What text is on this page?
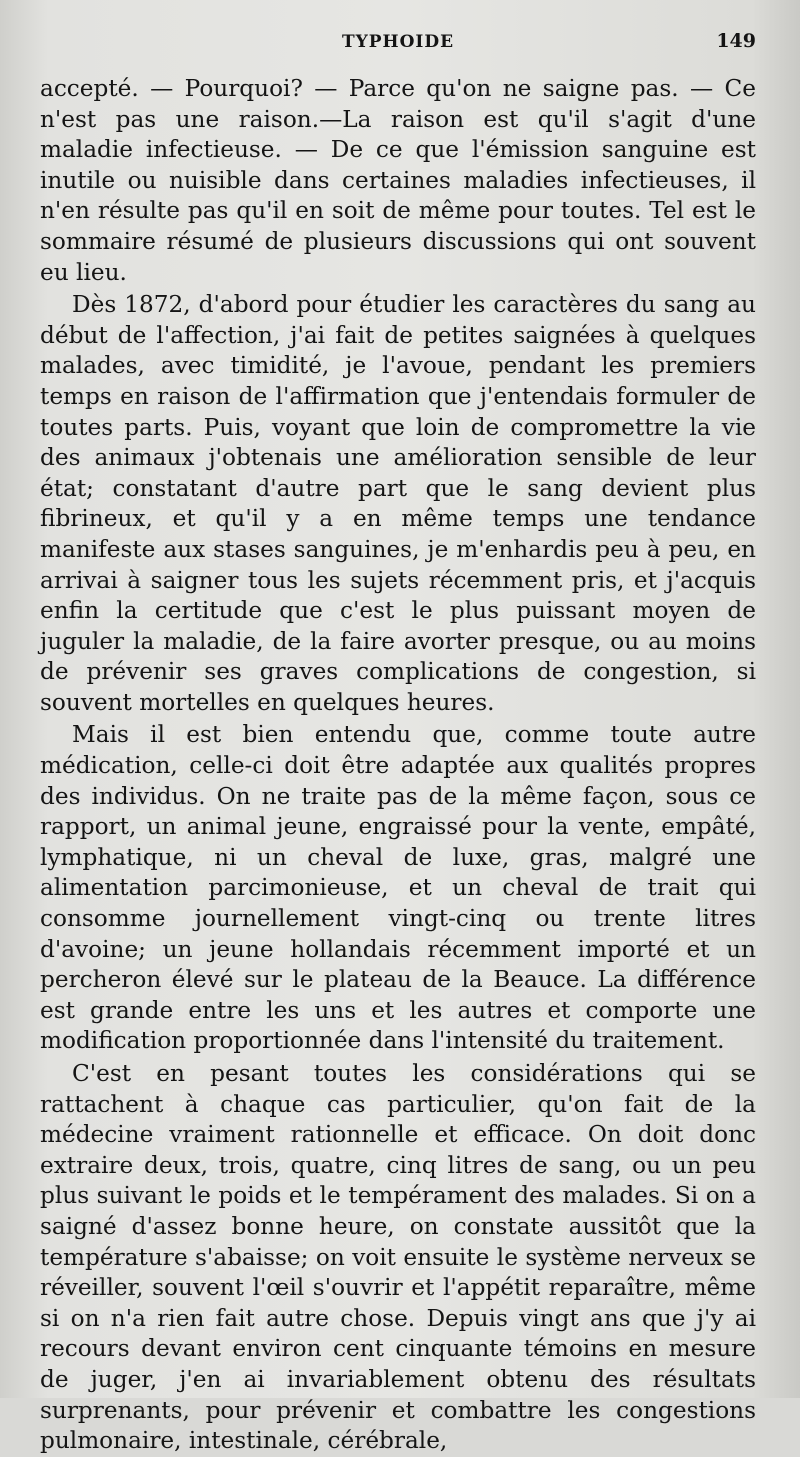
TYPHOIDE	149

accepté. — Pourquoi? — Parce qu'on ne saigne pas. — Ce n'est pas une raison.—La raison est qu'il s'agit d'une maladie infectieuse. — De ce que l'émission sanguine est inutile ou nuisible dans certaines maladies infectieuses, il n'en résulte pas qu'il en soit de même pour toutes. Tel est le sommaire résumé de plusieurs discussions qui ont souvent eu lieu.

Dès 1872, d'abord pour étudier les caractères du sang au début de l'affection, j'ai fait de petites saignées à quelques malades, avec timidité, je l'avoue, pendant les premiers temps en raison de l'affirmation que j'entendais formuler de toutes parts. Puis, voyant que loin de compromettre la vie des animaux j'obtenais une amélioration sensible de leur état; constatant d'autre part que le sang devient plus fibrineux, et qu'il y a en même temps une tendance manifeste aux stases sanguines, je m'enhardis peu à peu, en arrivai à saigner tous les sujets récemment pris, et j'acquis enfin la certitude que c'est le plus puissant moyen de juguler la maladie, de la faire avorter presque, ou au moins de prévenir ses graves complications de congestion, si souvent mortelles en quelques heures.

Mais il est bien entendu que, comme toute autre médication, celle-ci doit être adaptée aux qualités propres des individus. On ne traite pas de la même façon, sous ce rapport, un animal jeune, engraissé pour la vente, empâté, lymphatique, ni un cheval de luxe, gras, malgré une alimentation parcimonieuse, et un cheval de trait qui consomme journellement vingt-cinq ou trente litres d'avoine; un jeune hollandais récemment importé et un percheron élevé sur le plateau de la Beauce. La différence est grande entre les uns et les autres et comporte une modification proportionnée dans l'intensité du traitement.

C'est en pesant toutes les considérations qui se rattachent à chaque cas particulier, qu'on fait de la médecine vraiment rationnelle et efficace. On doit donc extraire deux, trois, quatre, cinq litres de sang, ou un peu plus suivant le poids et le tempérament des malades. Si on a saigné d'assez bonne heure, on constate aussitôt que la température s'abaisse; on voit ensuite le système nerveux se réveiller, souvent l'œil s'ouvrir et l'appétit reparaître, même si on n'a rien fait autre chose. Depuis vingt ans que j'y ai recours devant environ cent cinquante témoins en mesure de juger, j'en ai invariablement obtenu des résultats surprenants, pour prévenir et combattre les congestions pulmonaire, intestinale, cérébrale,
